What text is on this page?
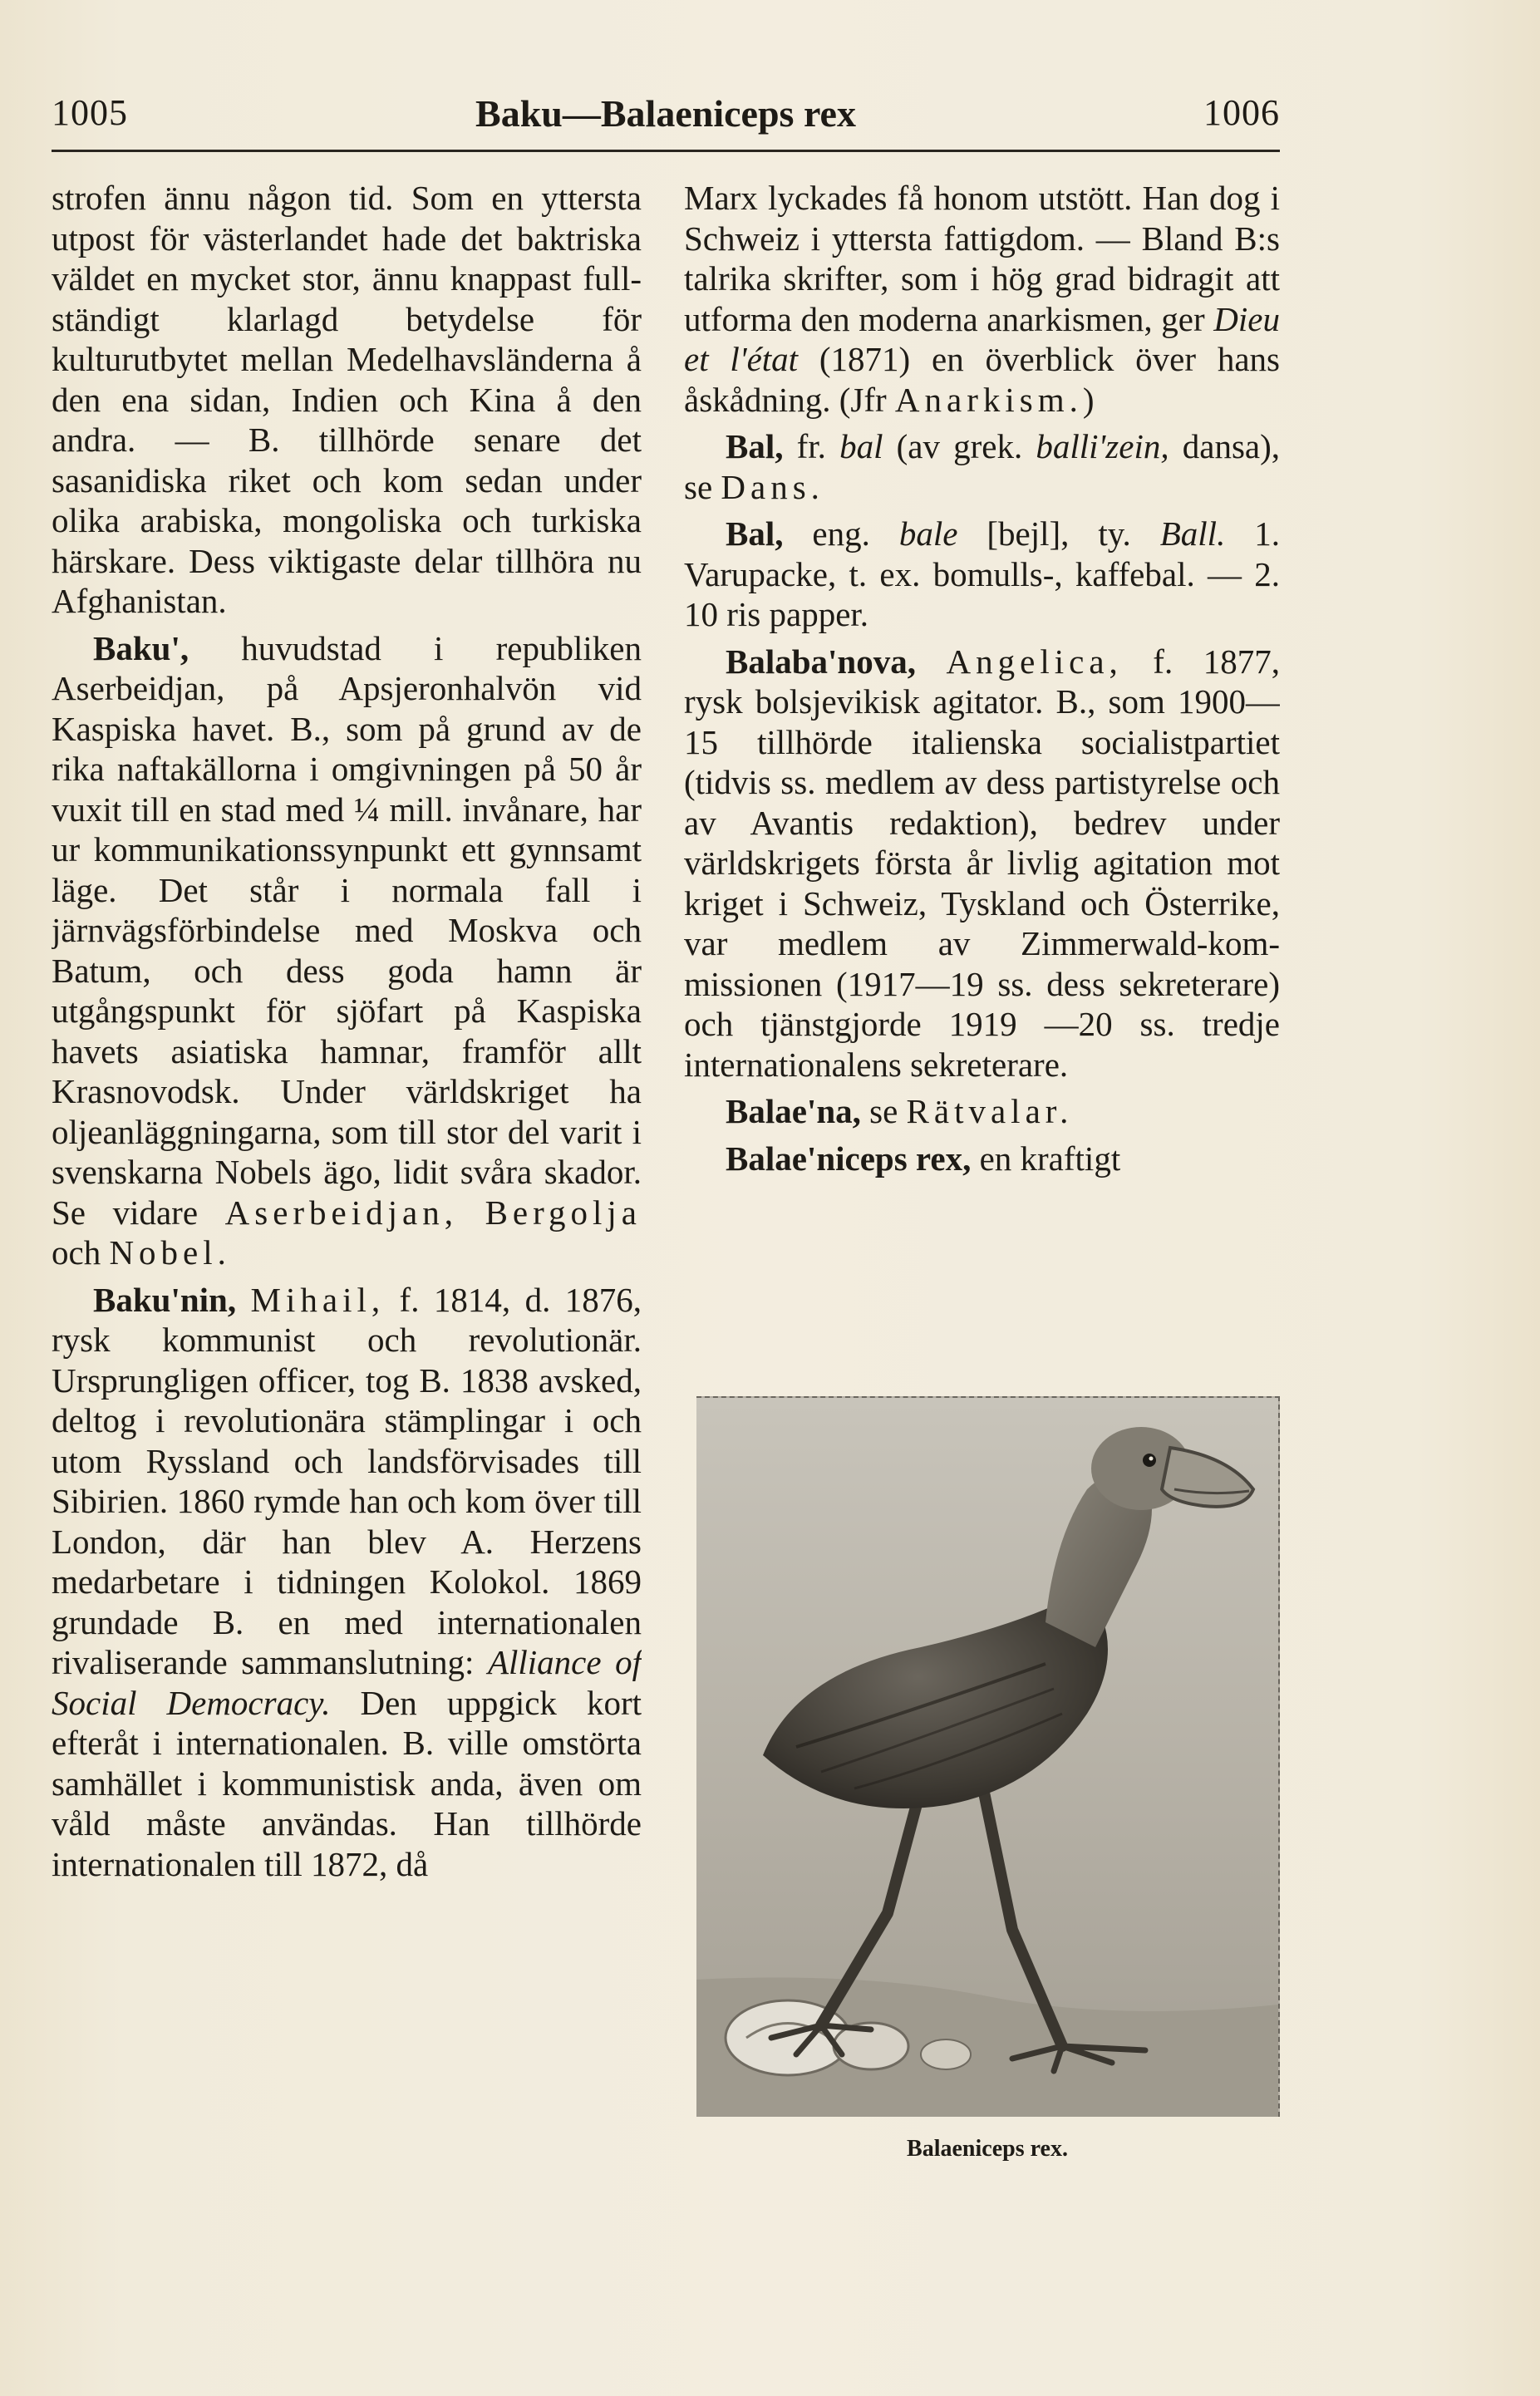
1005	Baku—Balaeniceps rex	1006

strofen ännu någon tid. Som en yttersta utpost för västerlandet hade det baktriska väldet en mycket stor, ännu knappast fullständigt klarlagd betydelse för kulturutbytet mellan Medelhavsländerna å den ena sidan, Indien och Kina å den andra. — B. tillhörde senare det sasanidiska riket och kom sedan under olika arabiska, mongoliska och turkiska härskare. Dess viktigaste delar tillhöra nu Afghanistan.

Baku', huvudstad i republiken Aserbeidjan, på Apsjeronhalvön vid Kaspiska havet. B., som på grund av de rika naftakällorna i omgivningen på 50 år vuxit till en stad med ¼ mill. invånare, har ur kommunikationssynpunkt ett gynnsamt läge. Det står i normala fall i järnvägsförbindelse med Moskva och Batum, och dess goda hamn är utgångspunkt för sjöfart på Kaspiska havets asiatiska hamnar, framför allt Krasnovodsk. Under världskriget ha oljeanläggningarna, som till stor del varit i svenskarna Nobels ägo, lidit svåra skador. Se vidare Aserbeidjan, Bergolja och Nobel.

Baku'nin, Mihail, f. 1814, d. 1876, rysk kommunist och revolutionär. Ursprungligen officer, tog B. 1838 avsked, deltog i revolutionära stämplingar i och utom Ryssland och landsförvisades till Sibirien. 1860 rymde han och kom över till London, där han blev A. Herzens medarbetare i tidningen Kolokol. 1869 grundade B. en med internationalen rivaliserande sammanslutning: Alliance of Social Democracy. Den uppgick kort efteråt i internationalen. B. ville omstörta samhället i kommunistisk anda, även om våld måste användas. Han tillhörde internationalen till 1872, då

Marx lyckades få honom utstött. Han dog i Schweiz i yttersta fattigdom. — Bland B:s talrika skrifter, som i hög grad bidragit att utforma den moderna anarkismen, ger Dieu et l'état (1871) en överblick över hans åskådning. (Jfr Anarkism.)

Bal, fr. bal (av grek. balli'zein, dansa), se Dans.

Bal, eng. bale [bejl], ty. Ball. 1. Varupacke, t. ex. bomulls-, kaffebal. — 2. 10 ris papper.

Balaba'nova, Angelica, f. 1877, rysk bolsjevikisk agitator. B., som 1900—15 tillhörde italienska socialistpartiet (tidvis ss. medlem av dess partistyrelse och av Avantis redaktion), bedrev under världskrigets första år livlig agitation mot kriget i Schweiz, Tyskland och Österrike, var medlem av Zimmerwald-kommissionen (1917—19 ss. dess sekreterare) och tjänstgjorde 1919 —20 ss. tredje internationalens sekreterare.

Balae'na, se Rätvalar.

Balae'niceps rex, en kraftigt

Balaeniceps rex.
